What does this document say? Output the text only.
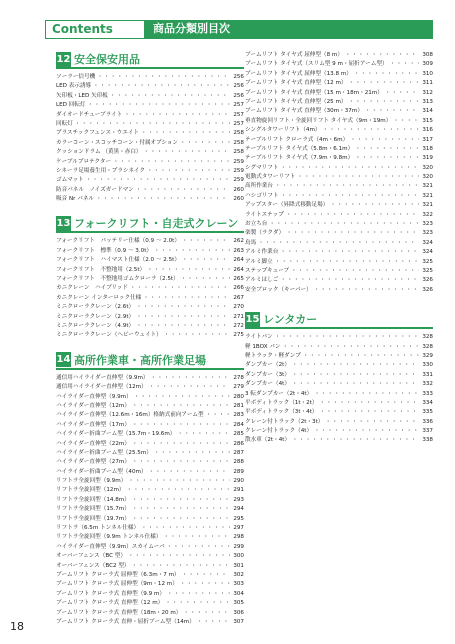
Contents	商品分類別目次
12 安全保安用品
ソーラー信号機 ・・・・・・・・・・・・・・・・・・・・・・・・・・・・・・・・・・・・・・・・・・	256
LED 表示誘導 ・・・・・・・・・・・・・・・・・・・・・・・・・・・・・・・・・・・・・・・・・・	256
矢印板・LED 矢印板 ・・・・・・・・・・・・・・・・・・・・・・・・・・・・・・・・・・・・・・・・・・	256
LED 回転灯 ・・・・・・・・・・・・・・・・・・・・・・・・・・・・・・・・・・・・・・・・・・	257
ダイオードチューブライト ・・・・・・・・・・・・・・・・・・・・・・・・・・・・・・・・・・・・・・・・・・	257
回転灯 ・・・・・・・・・・・・・・・・・・・・・・・・・・・・・・・・・・・・・・・・・・	257
プラスチックフェンス・ウエイト ・・・・・・・・・・・・・・・・・・・・・・・・・・・・・・・・・・・・・・・・・・	258
カラーコーン・スコッチコーン・付属オプション ・・・・・・・・・・・・・・・・・・・・・・・・・・・・・・・・・・・・・・・・・・	258
クッションドラム （黄黒・赤白） ・・・・・・・・・・・・・・・・・・・・・・・・・・・・・・・・・・・・・・・・・・	258
ケーブルプロテクター ・・・・・・・・・・・・・・・・・・・・・・・・・・・・・・・・・・・・・・・・・・	259
シネーラ足場養生用・プラシネイク ・・・・・・・・・・・・・・・・・・・・・・・・・・・・・・・・・・・・・・・・・・	259
ゴムマット ・・・・・・・・・・・・・・・・・・・・・・・・・・・・・・・・・・・・・・・・・・	259
防音パネル　ノイズガードマン ・・・・・・・・・・・・・・・・・・・・・・・・・・・・・・・・・・・・・・・・・・	260
吸音 Nr パネル ・・・・・・・・・・・・・・・・・・・・・・・・・・・・・・・・・・・・・・・・・・	260
13 フォークリフト・自走式クレーン
フォークリフト　バッテリー仕様（0.9 〜 2.0t） ・・・・・・・・・・・・・・・・・・・・・・・・・・・・・・・・・・・・・・・・・・	262
フォークリフト　標準（0.9 〜 3.0t） ・・・・・・・・・・・・・・・・・・・・・・・・・・・・・・・・・・・・・・・・・・	263
フォークリフト　ハイマスト仕様（2.0 〜 2.5t） ・・・・・・・・・・・・・・・・・・・・・・・・・・・・・・・・・・・・・・・・・・	264
フォークリフト　不整地用（2.5t） ・・・・・・・・・・・・・・・・・・・・・・・・・・・・・・・・・・・・・・・・・・	264
フォークリフト　不整地用ゴムクローラ（2.5t） ・・・・・・・・・・・・・・・・・・・・・・・・・・・・・・・・・・・・・・・・・・	265
カニクレーン　ハイブリッド ・・・・・・・・・・・・・・・・・・・・・・・・・・・・・・・・・・・・・・・・・・	266
カニクレーン インターロック仕様 ・・・・・・・・・・・・・・・・・・・・・・・・・・・・・・・・・・・・・・・・・・	267
ミニクローラクレーン（2.6t） ・・・・・・・・・・・・・・・・・・・・・・・・・・・・・・・・・・・・・・・・・・	270
ミニクローラクレーン（2.9t） ・・・・・・・・・・・・・・・・・・・・・・・・・・・・・・・・・・・・・・・・・・	271
ミニクローラクレーン（4.9t） ・・・・・・・・・・・・・・・・・・・・・・・・・・・・・・・・・・・・・・・・・・	272
ミニクローラクレーン（ヘビーウェイト） ・・・・・・・・・・・・・・・・・・・・・・・・・・・・・・・・・・・・・・・・・・	275
14 高所作業車・高所作業足場
通信用ハイライダー直伸型（9.9m） ・・・・・・・・・・・・・・・・・・・・・・・・・・・・・・・・・・・・・・・・・・	278
通信用ハイライダー直伸型（12m） ・・・・・・・・・・・・・・・・・・・・・・・・・・・・・・・・・・・・・・・・・・	279
ハイライダー直伸型（9.9m） ・・・・・・・・・・・・・・・・・・・・・・・・・・・・・・・・・・・・・・・・・・	280
ハイライダー直伸型（12m） ・・・・・・・・・・・・・・・・・・・・・・・・・・・・・・・・・・・・・・・・・・	281
ハイライダー直伸型（12.6m・16m）格納式前向アーム型 ・・・・・・・・・・・・・・・・・・・・・・・・・・・・・・・・・・・・・・・・・・	283
ハイライダー直伸型（17m） ・・・・・・・・・・・・・・・・・・・・・・・・・・・・・・・・・・・・・・・・・・	284
ハイライダー折曲ブーム型（15.7m・19.6m） ・・・・・・・・・・・・・・・・・・・・・・・・・・・・・・・・・・・・・・・・・・	285
ハイライダー直伸型（22m） ・・・・・・・・・・・・・・・・・・・・・・・・・・・・・・・・・・・・・・・・・・	286
ハイライダー折曲ブーム型（25.5m） ・・・・・・・・・・・・・・・・・・・・・・・・・・・・・・・・・・・・・・・・・・	287
ハイライダー直伸型（27m） ・・・・・・・・・・・・・・・・・・・・・・・・・・・・・・・・・・・・・・・・・・	288
ハイライダー折曲ブーム型（40m） ・・・・・・・・・・・・・・・・・・・・・・・・・・・・・・・・・・・・・・・・・・	289
リフトラ全旋回型（9.9m） ・・・・・・・・・・・・・・・・・・・・・・・・・・・・・・・・・・・・・・・・・・	290
リフトラ全旋回型（12m） ・・・・・・・・・・・・・・・・・・・・・・・・・・・・・・・・・・・・・・・・・・	291
リフトラ全旋回型（14.8m） ・・・・・・・・・・・・・・・・・・・・・・・・・・・・・・・・・・・・・・・・・・	293
リフトラ全旋回型（15.7m） ・・・・・・・・・・・・・・・・・・・・・・・・・・・・・・・・・・・・・・・・・・	294
リフトラ全旋回型（19.7m） ・・・・・・・・・・・・・・・・・・・・・・・・・・・・・・・・・・・・・・・・・・	295
リフトラ（6.5m トンネル仕様） ・・・・・・・・・・・・・・・・・・・・・・・・・・・・・・・・・・・・・・・・・・	297
リフトラ全旋回型（9.9m トンネル仕様） ・・・・・・・・・・・・・・・・・・・・・・・・・・・・・・・・・・・・・・・・・・	298
ハイライダー直伸型（9.9m）スカイムーバ ・・・・・・・・・・・・・・・・・・・・・・・・・・・・・・・・・・・・・・・・・・	299
オーバーフェンス（BC 型） ・・・・・・・・・・・・・・・・・・・・・・・・・・・・・・・・・・・・・・・・・・	300
オーバーフェンス（BC2 型） ・・・・・・・・・・・・・・・・・・・・・・・・・・・・・・・・・・・・・・・・・・	301
ブームリフト クローラ式 屈伸型（6.3m・7 m） ・・・・・・・・・・・・・・・・・・・・・・・・・・・・・・・・・・・・・・・・・・	302
ブームリフト クローラ式 屈伸型（9m・12 m） ・・・・・・・・・・・・・・・・・・・・・・・・・・・・・・・・・・・・・・・・・・	303
ブームリフト クローラ式 直伸型（9.9 m） ・・・・・・・・・・・・・・・・・・・・・・・・・・・・・・・・・・・・・・・・・・	304
ブームリフト クローラ式 直伸型（12 m） ・・・・・・・・・・・・・・・・・・・・・・・・・・・・・・・・・・・・・・・・・・	305
ブームリフト クローラ式 直伸型（18m・20 m） ・・・・・・・・・・・・・・・・・・・・・・・・・・・・・・・・・・・・・・・・・・	306
ブームリフト クローラ式 直伸・屈折ブーム型（14m） ・・・・・・・・・・・・・・・・・・・・・・・・・・・・・・・・・・・・・・・・・・	307
ブームリフト タイヤ式 屈伸型（8 m） ・・・・・・・・・・・・・・・・・・・・・・・・・・・・・・・・・・・・・・・・・・	308
ブームリフト タイヤ式（スリム型 9 m・屈折アーム型） ・・・・・・・・・・・・・・・・・・・・・・・・・・・・・・・・・・・・・・・・・・	309
ブームリフト タイヤ式 屈伸型（13.8 m） ・・・・・・・・・・・・・・・・・・・・・・・・・・・・・・・・・・・・・・・・・・	310
ブームリフト タイヤ式 直伸型（12 m） ・・・・・・・・・・・・・・・・・・・・・・・・・・・・・・・・・・・・・・・・・・	311
ブームリフト タイヤ式 直伸型（15 m・18m・21m） ・・・・・・・・・・・・・・・・・・・・・・・・・・・・・・・・・・・・・・・・・・	312
ブームリフト タイヤ式 直伸型（25 m） ・・・・・・・・・・・・・・・・・・・・・・・・・・・・・・・・・・・・・・・・・・	313
ブームリフト タイヤ式 直伸型（30m・37m） ・・・・・・・・・・・・・・・・・・・・・・・・・・・・・・・・・・・・・・・・・・	314
垂直物旋回リフト・全旋回リフト タイヤ式（9m・19m） ・・・・・・・・・・・・・・・・・・・・・・・・・・・・・・・・・・・・・・・・・・	315
シングルタワーリフト（4m） ・・・・・・・・・・・・・・・・・・・・・・・・・・・・・・・・・・・・・・・・・・	316
テーブルリフト クローラ式（4m・6m） ・・・・・・・・・・・・・・・・・・・・・・・・・・・・・・・・・・・・・・・・・・	317
テーブルリフト タイヤ式（5.8m・6.1m） ・・・・・・・・・・・・・・・・・・・・・・・・・・・・・・・・・・・・・・・・・・	318
テーブルリフト タイヤ式（7.9m・9.8m） ・・・・・・・・・・・・・・・・・・・・・・・・・・・・・・・・・・・・・・・・・・	319
シグマリフト ・・・・・・・・・・・・・・・・・・・・・・・・・・・・・・・・・・・・・・・・・・	320
電動式タワーリフト ・・・・・・・・・・・・・・・・・・・・・・・・・・・・・・・・・・・・・・・・・・	320
高所作業台 ・・・・・・・・・・・・・・・・・・・・・・・・・・・・・・・・・・・・・・・・・・	321
ハシゴリフト ・・・・・・・・・・・・・・・・・・・・・・・・・・・・・・・・・・・・・・・・・・	321
アップスター（昇降式移動足場） ・・・・・・・・・・・・・・・・・・・・・・・・・・・・・・・・・・・・・・・・・・	321
ライトステップ ・・・・・・・・・・・・・・・・・・・・・・・・・・・・・・・・・・・・・・・・・・	322
お立ち台 ・・・・・・・・・・・・・・・・・・・・・・・・・・・・・・・・・・・・・・・・・・	323
楽製（ラクダ） ・・・・・・・・・・・・・・・・・・・・・・・・・・・・・・・・・・・・・・・・・・	323
鳥馬 ・・・・・・・・・・・・・・・・・・・・・・・・・・・・・・・・・・・・・・・・・・	324
アルミ作業台 ・・・・・・・・・・・・・・・・・・・・・・・・・・・・・・・・・・・・・・・・・・	324
アルミ脚立 ・・・・・・・・・・・・・・・・・・・・・・・・・・・・・・・・・・・・・・・・・・	325
ステップキューブ ・・・・・・・・・・・・・・・・・・・・・・・・・・・・・・・・・・・・・・・・・・	325
アルミはしご ・・・・・・・・・・・・・・・・・・・・・・・・・・・・・・・・・・・・・・・・・・	326
安全ブロック（キーパー） ・・・・・・・・・・・・・・・・・・・・・・・・・・・・・・・・・・・・・・・・・・	326
15 レンタカー
ライトバン ・・・・・・・・・・・・・・・・・・・・・・・・・・・・・・・・・・・・・・・・・・	328
軽 1BOX バン ・・・・・・・・・・・・・・・・・・・・・・・・・・・・・・・・・・・・・・・・・・	328
軽トラック・軽ダンプ ・・・・・・・・・・・・・・・・・・・・・・・・・・・・・・・・・・・・・・・・・・	329
ダンプカー（2t） ・・・・・・・・・・・・・・・・・・・・・・・・・・・・・・・・・・・・・・・・・・	330
ダンプカー（3t） ・・・・・・・・・・・・・・・・・・・・・・・・・・・・・・・・・・・・・・・・・・	331
ダンプカー（4t） ・・・・・・・・・・・・・・・・・・・・・・・・・・・・・・・・・・・・・・・・・・	332
3 転ダンプカー（2t・4t） ・・・・・・・・・・・・・・・・・・・・・・・・・・・・・・・・・・・・・・・・・・	333
平ボディトラック（1t・2t） ・・・・・・・・・・・・・・・・・・・・・・・・・・・・・・・・・・・・・・・・・・	334
平ボディトラック（3t・4t） ・・・・・・・・・・・・・・・・・・・・・・・・・・・・・・・・・・・・・・・・・・	335
クレーン付トラック（2t・3t） ・・・・・・・・・・・・・・・・・・・・・・・・・・・・・・・・・・・・・・・・・・	336
クレーン付トラック（4t） ・・・・・・・・・・・・・・・・・・・・・・・・・・・・・・・・・・・・・・・・・・	337
散水車（2t・4t） ・・・・・・・・・・・・・・・・・・・・・・・・・・・・・・・・・・・・・・・・・・	338
18
